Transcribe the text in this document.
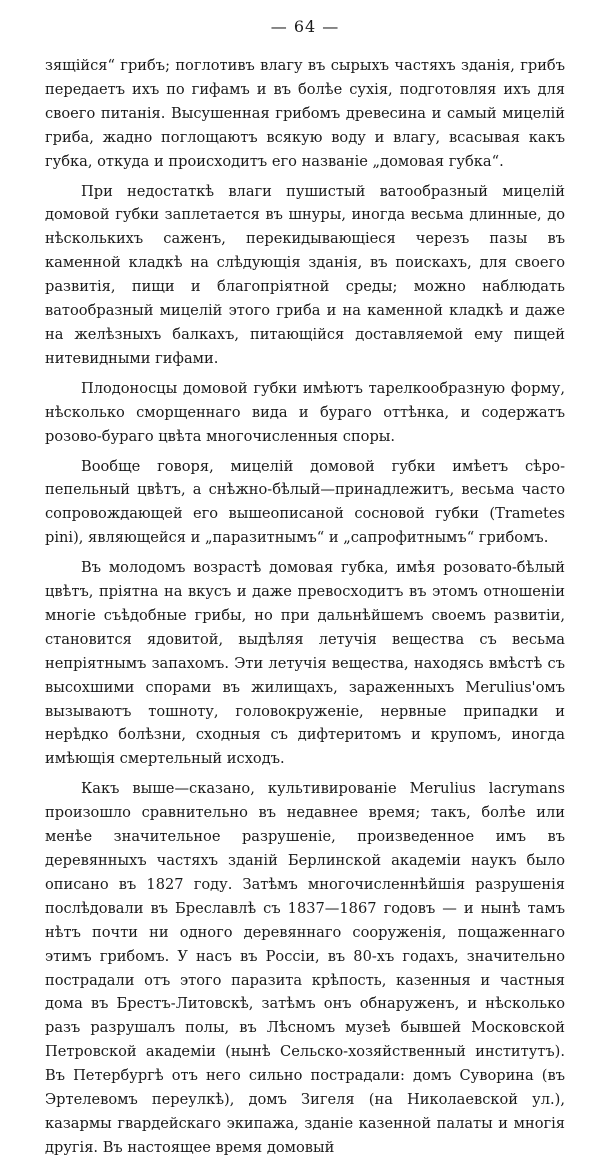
— 64 —

зящійся“ грибъ; поглотивъ влагу въ сырыхъ частяхъ зданія, грибъ передаетъ ихъ по гифамъ и въ болѣе сухія, подготовляя ихъ для своего питанія. Высушенная грибомъ древесина и самый мицелій гриба, жадно поглощаютъ всякую воду и влагу, всасывая какъ губка, откуда и происходитъ его названіе „домовая губка“.

При недостаткѣ влаги пушистый ватообразный мицелій домовой губки заплетается въ шнуры, иногда весьма длинные, до нѣсколькихъ саженъ, перекидывающіеся черезъ пазы въ каменной кладкѣ на слѣдующія зданія, въ поискахъ, для своего развитія, пищи и благопріятной среды; можно наблюдать ватообразный мицелій этого гриба и на каменной кладкѣ и даже на желѣзныхъ балкахъ, питающійся доставляемой ему пищей нитевидными гифами.

Плодоносцы домовой губки имѣютъ тарелкообразную форму, нѣсколько сморщеннаго вида и бураго оттѣнка, и содержатъ розово-бураго цвѣта многочисленныя споры.

Вообще говоря, мицелій домовой губки имѣетъ сѣро-пепельный цвѣтъ, а снѣжно-бѣлый—принадлежитъ, весьма часто сопровождающей его вышеописаной сосновой губки (Trametes pini), являющейся и „паразитнымъ“ и „сапрофитнымъ“ грибомъ.

Въ молодомъ возрастѣ домовая губка, имѣя розовато-бѣлый цвѣтъ, пріятна на вкусъ и даже превосходитъ въ этомъ отношеніи многіе съѣдобные грибы, но при дальнѣйшемъ своемъ развитіи, становится ядовитой, выдѣляя летучія вещества съ весьма непріятнымъ запахомъ. Эти летучія вещества, находясь вмѣстѣ съ высохшими спорами въ жилищахъ, зараженныхъ Merulius'омъ вызываютъ тошноту, головокруженіе, нервные припадки и нерѣдко болѣзни, сходныя съ дифтеритомъ и крупомъ, иногда имѣющія смертельный исходъ.

Какъ выше—сказано, культивированіе Merulius lacrymans произошло сравнительно въ недавнее время; такъ, болѣе или менѣе значительное разрушеніе, произведенное имъ въ деревянныхъ частяхъ зданій Берлинской академіи наукъ было описано въ 1827 году. Затѣмъ многочисленнѣйшія разрушенія послѣдовали въ Бреславлѣ съ 1837—1867 годовъ — и нынѣ тамъ нѣтъ почти ни одного деревяннаго сооруженія, пощаженнаго этимъ грибомъ. У насъ въ Россіи, въ 80-хъ годахъ, значительно пострадали отъ этого паразита крѣпость, казенныя и частныя дома въ Брестъ-Литовскѣ, затѣмъ онъ обнаруженъ, и нѣсколько разъ разрушалъ полы, въ Лѣсномъ музеѣ бывшей Московской Петровской академіи (нынѣ Сельско-хозяйственный институтъ). Въ Петербургѣ отъ него сильно пострадали: домъ Суворина (въ Эртелевомъ переулкѣ), домъ Зигеля (на Николаевской ул.), казармы гвардейскаго экипажа, зданіе казенной палаты и многія другія. Въ настоящее время домовый
